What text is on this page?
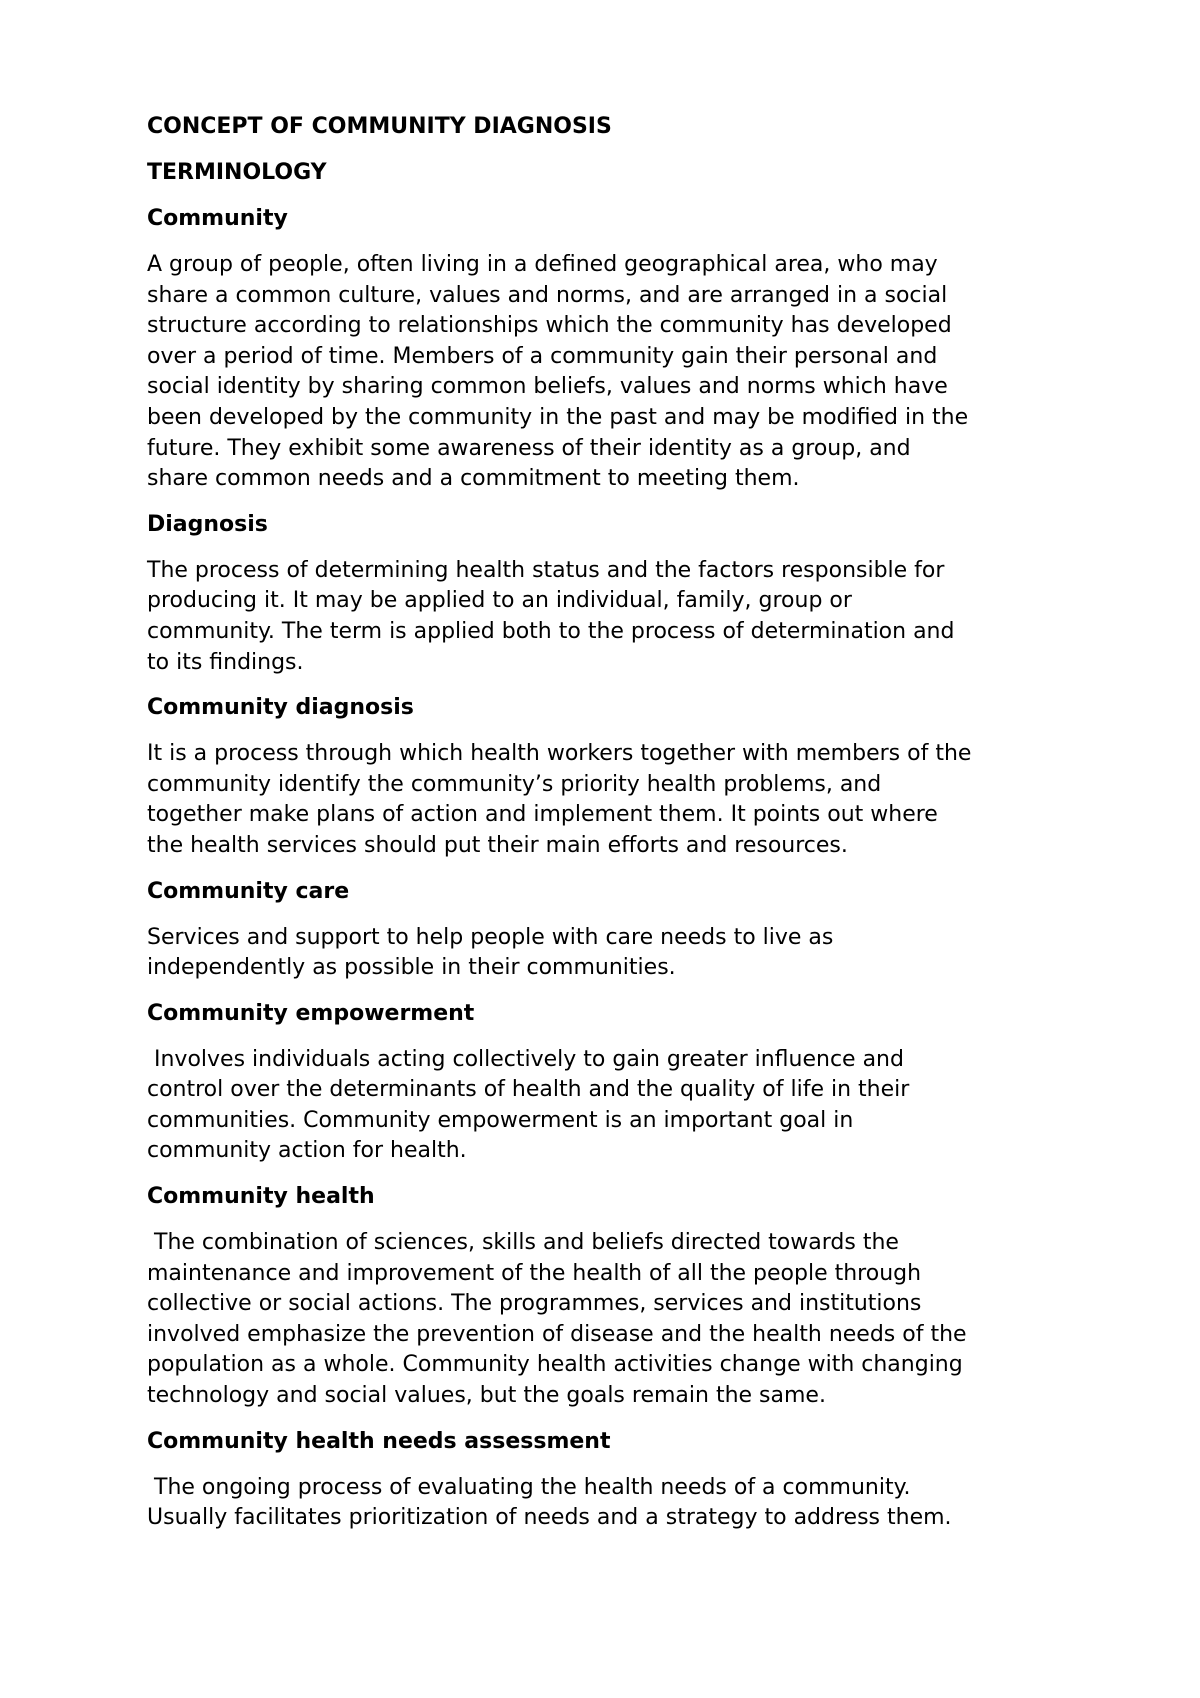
CONCEPT OF COMMUNITY DIAGNOSIS
TERMINOLOGY
Community
A group of people, often living in a defined geographical area, who may
share a common culture, values and norms, and are arranged in a social
structure according to relationships which the community has developed
over a period of time. Members of a community gain their personal and
social identity by sharing common beliefs, values and norms which have
been developed by the community in the past and may be modified in the
future. They exhibit some awareness of their identity as a group, and
share common needs and a commitment to meeting them.
Diagnosis
The process of determining health status and the factors responsible for
producing it. It may be applied to an individual, family, group or
community. The term is applied both to the process of determination and
to its findings.
Community diagnosis
It is a process through which health workers together with members of the
community identify the community’s priority health problems, and
together make plans of action and implement them. It points out where
the health services should put their main efforts and resources.
Community care
Services and support to help people with care needs to live as
independently as possible in their communities.
Community empowerment
Involves individuals acting collectively to gain greater influence and
control over the determinants of health and the quality of life in their
communities. Community empowerment is an important goal in
community action for health.
Community health
The combination of sciences, skills and beliefs directed towards the
maintenance and improvement of the health of all the people through
collective or social actions. The programmes, services and institutions
involved emphasize the prevention of disease and the health needs of the
population as a whole. Community health activities change with changing
technology and social values, but the goals remain the same.
Community health needs assessment
The ongoing process of evaluating the health needs of a community.
Usually facilitates prioritization of needs and a strategy to address them.
